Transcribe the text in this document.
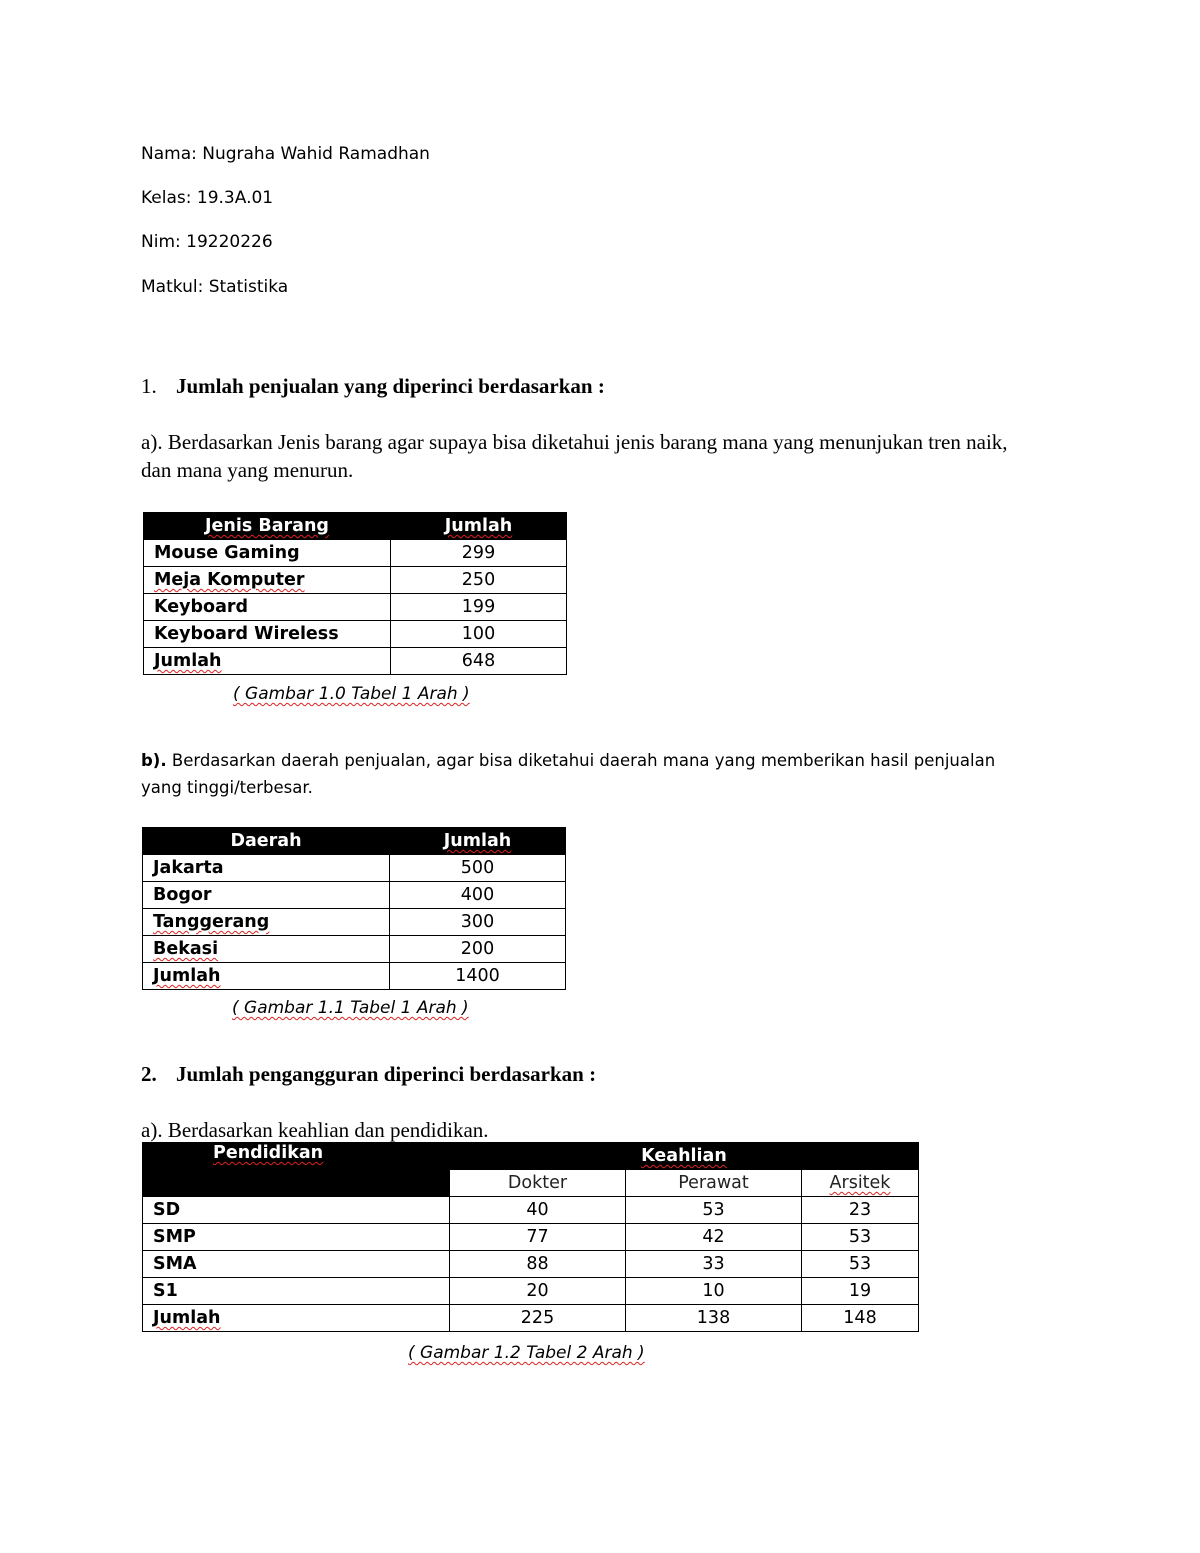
Nama: Nugraha Wahid Ramadhan
Kelas: 19.3A.01
Nim: 19220226
Matkul: Statistika
1. Jumlah penjualan yang diperinci berdasarkan :
a). Berdasarkan Jenis barang agar supaya bisa diketahui jenis barang mana yang menunjukan tren naik, dan mana yang menurun.
Jenis Barang	Jumlah
Mouse Gaming	299
Meja Komputer	250
Keyboard	199
Keyboard Wireless	100
Jumlah	648
( Gambar 1.0 Tabel 1 Arah )
b). Berdasarkan daerah penjualan, agar bisa diketahui daerah mana yang memberikan hasil penjualan yang tinggi/terbesar.
Daerah	Jumlah
Jakarta	500
Bogor	400
Tanggerang	300
Bekasi	200
Jumlah	1400
( Gambar 1.1 Tabel 1 Arah )
2. Jumlah pengangguran diperinci berdasarkan :
a). Berdasarkan keahlian dan pendidikan.
Pendidikan	Keahlian		
	Dokter	Perawat	Arsitek
SD	40	53	23
SMP	77	42	53
SMA	88	33	53
S1	20	10	19
Jumlah	225	138	148
( Gambar 1.2 Tabel 2 Arah )
